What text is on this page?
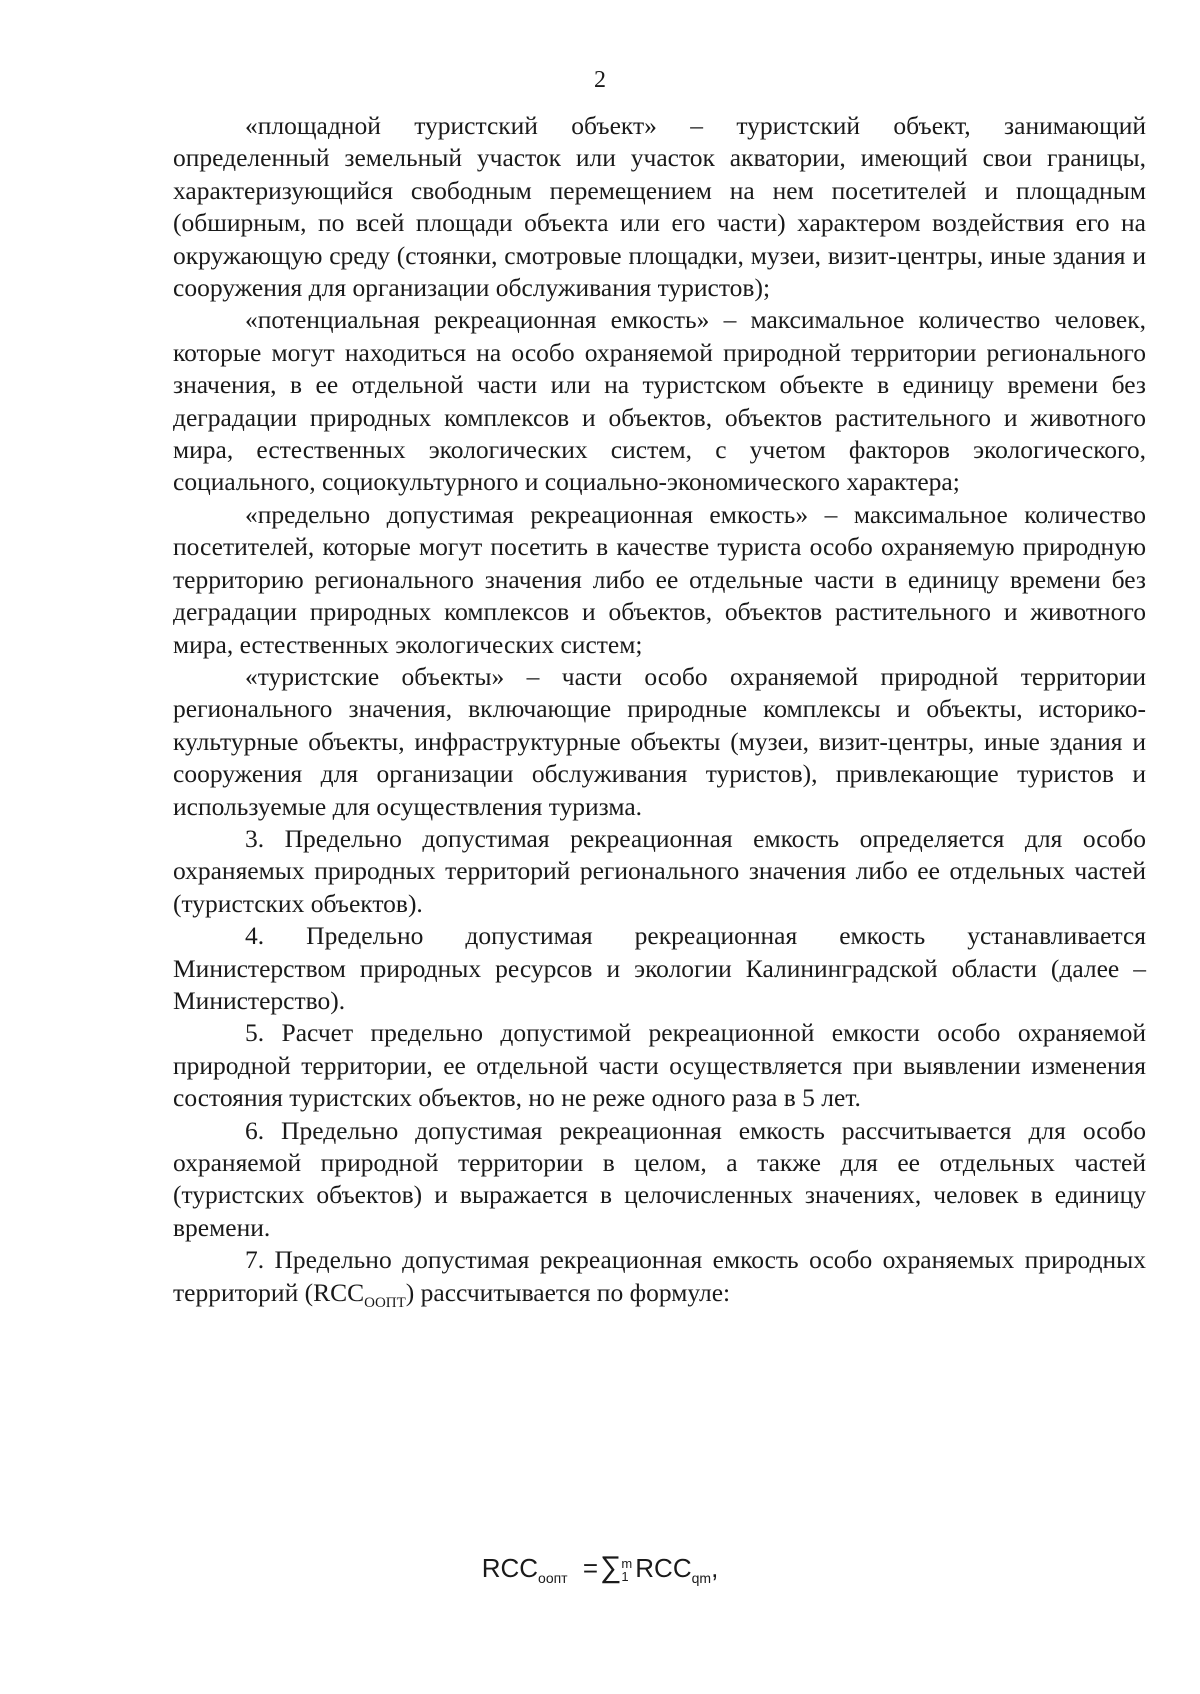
2

«площадной туристский объект» – туристский объект, занимающий определенный земельный участок или участок акватории, имеющий свои границы, характеризующийся свободным перемещением на нем посетителей и площадным (обширным, по всей площади объекта или его части) характером воздействия его на окружающую среду (стоянки, смотровые площадки, музеи, визит-центры, иные здания и сооружения для организации обслуживания туристов);

«потенциальная рекреационная емкость» – максимальное количество человек, которые могут находиться на особо охраняемой природной территории регионального значения, в ее отдельной части или на туристском объекте в единицу времени без деградации природных комплексов и объектов, объектов растительного и животного мира, естественных экологических систем, с учетом факторов экологического, социального, социокультурного и социально-экономического характера;

«предельно допустимая рекреационная емкость» – максимальное количество посетителей, которые могут посетить в качестве туриста особо охраняемую природную территорию регионального значения либо ее отдельные части в единицу времени без деградации природных комплексов и объектов, объектов растительного и животного мира, естественных экологических систем;

«туристские объекты» – части особо охраняемой природной территории регионального значения, включающие природные комплексы и объекты, историко-культурные объекты, инфраструктурные объекты (музеи, визит-центры, иные здания и сооружения для организации обслуживания туристов), привлекающие туристов и используемые для осуществления туризма.

3. Предельно допустимая рекреационная емкость определяется для особо охраняемых природных территорий регионального значения либо ее отдельных частей (туристских объектов).

4. Предельно допустимая рекреационная емкость устанавливается Министерством природных ресурсов и экологии Калининградской области (далее – Министерство).

5. Расчет предельно допустимой рекреационной емкости особо охраняемой природной территории, ее отдельной части осуществляется при выявлении изменения состояния туристских объектов, но не реже одного раза в 5 лет.

6. Предельно допустимая рекреационная емкость рассчитывается для особо охраняемой природной территории в целом, а также для ее отдельных частей (туристских объектов) и выражается в целочисленных значениях, человек в единицу времени.

7. Предельно допустимая рекреационная емкость особо охраняемых природных территорий $(RCC_{ООПТ})$ рассчитывается по формуле:

$RCC_{оопт}$ =∑ m
1 $RCC_{qm}$,
